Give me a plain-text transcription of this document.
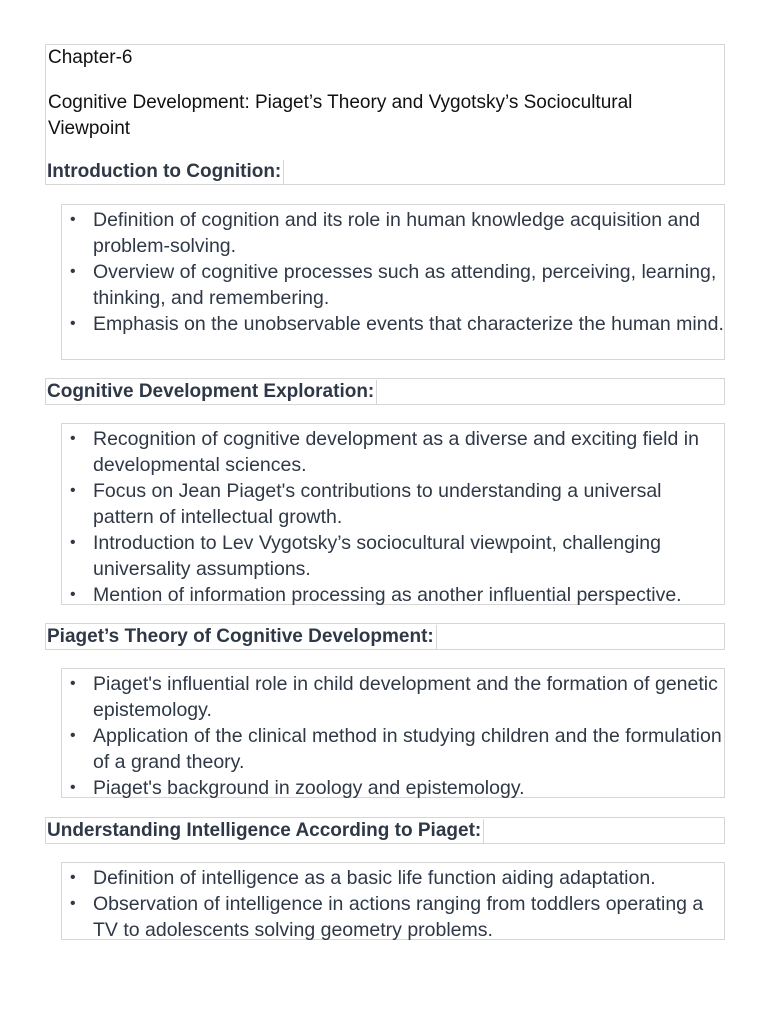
Chapter-6

Cognitive Development: Piaget’s Theory and Vygotsky’s Sociocultural Viewpoint
Introduction to Cognition:
• Definition of cognition and its role in human knowledge acquisition and problem-solving.
• Overview of cognitive processes such as attending, perceiving, learning, thinking, and remembering.
• Emphasis on the unobservable events that characterize the human mind.
Cognitive Development Exploration:
• Recognition of cognitive development as a diverse and exciting field in developmental sciences.
• Focus on Jean Piaget's contributions to understanding a universal pattern of intellectual growth.
• Introduction to Lev Vygotsky’s sociocultural viewpoint, challenging universality assumptions.
• Mention of information processing as another influential perspective.
Piaget’s Theory of Cognitive Development:
• Piaget's influential role in child development and the formation of genetic epistemology.
• Application of the clinical method in studying children and the formulation of a grand theory.
• Piaget's background in zoology and epistemology.
Understanding Intelligence According to Piaget:
• Definition of intelligence as a basic life function aiding adaptation.
• Observation of intelligence in actions ranging from toddlers operating a TV to adolescents solving geometry problems.
